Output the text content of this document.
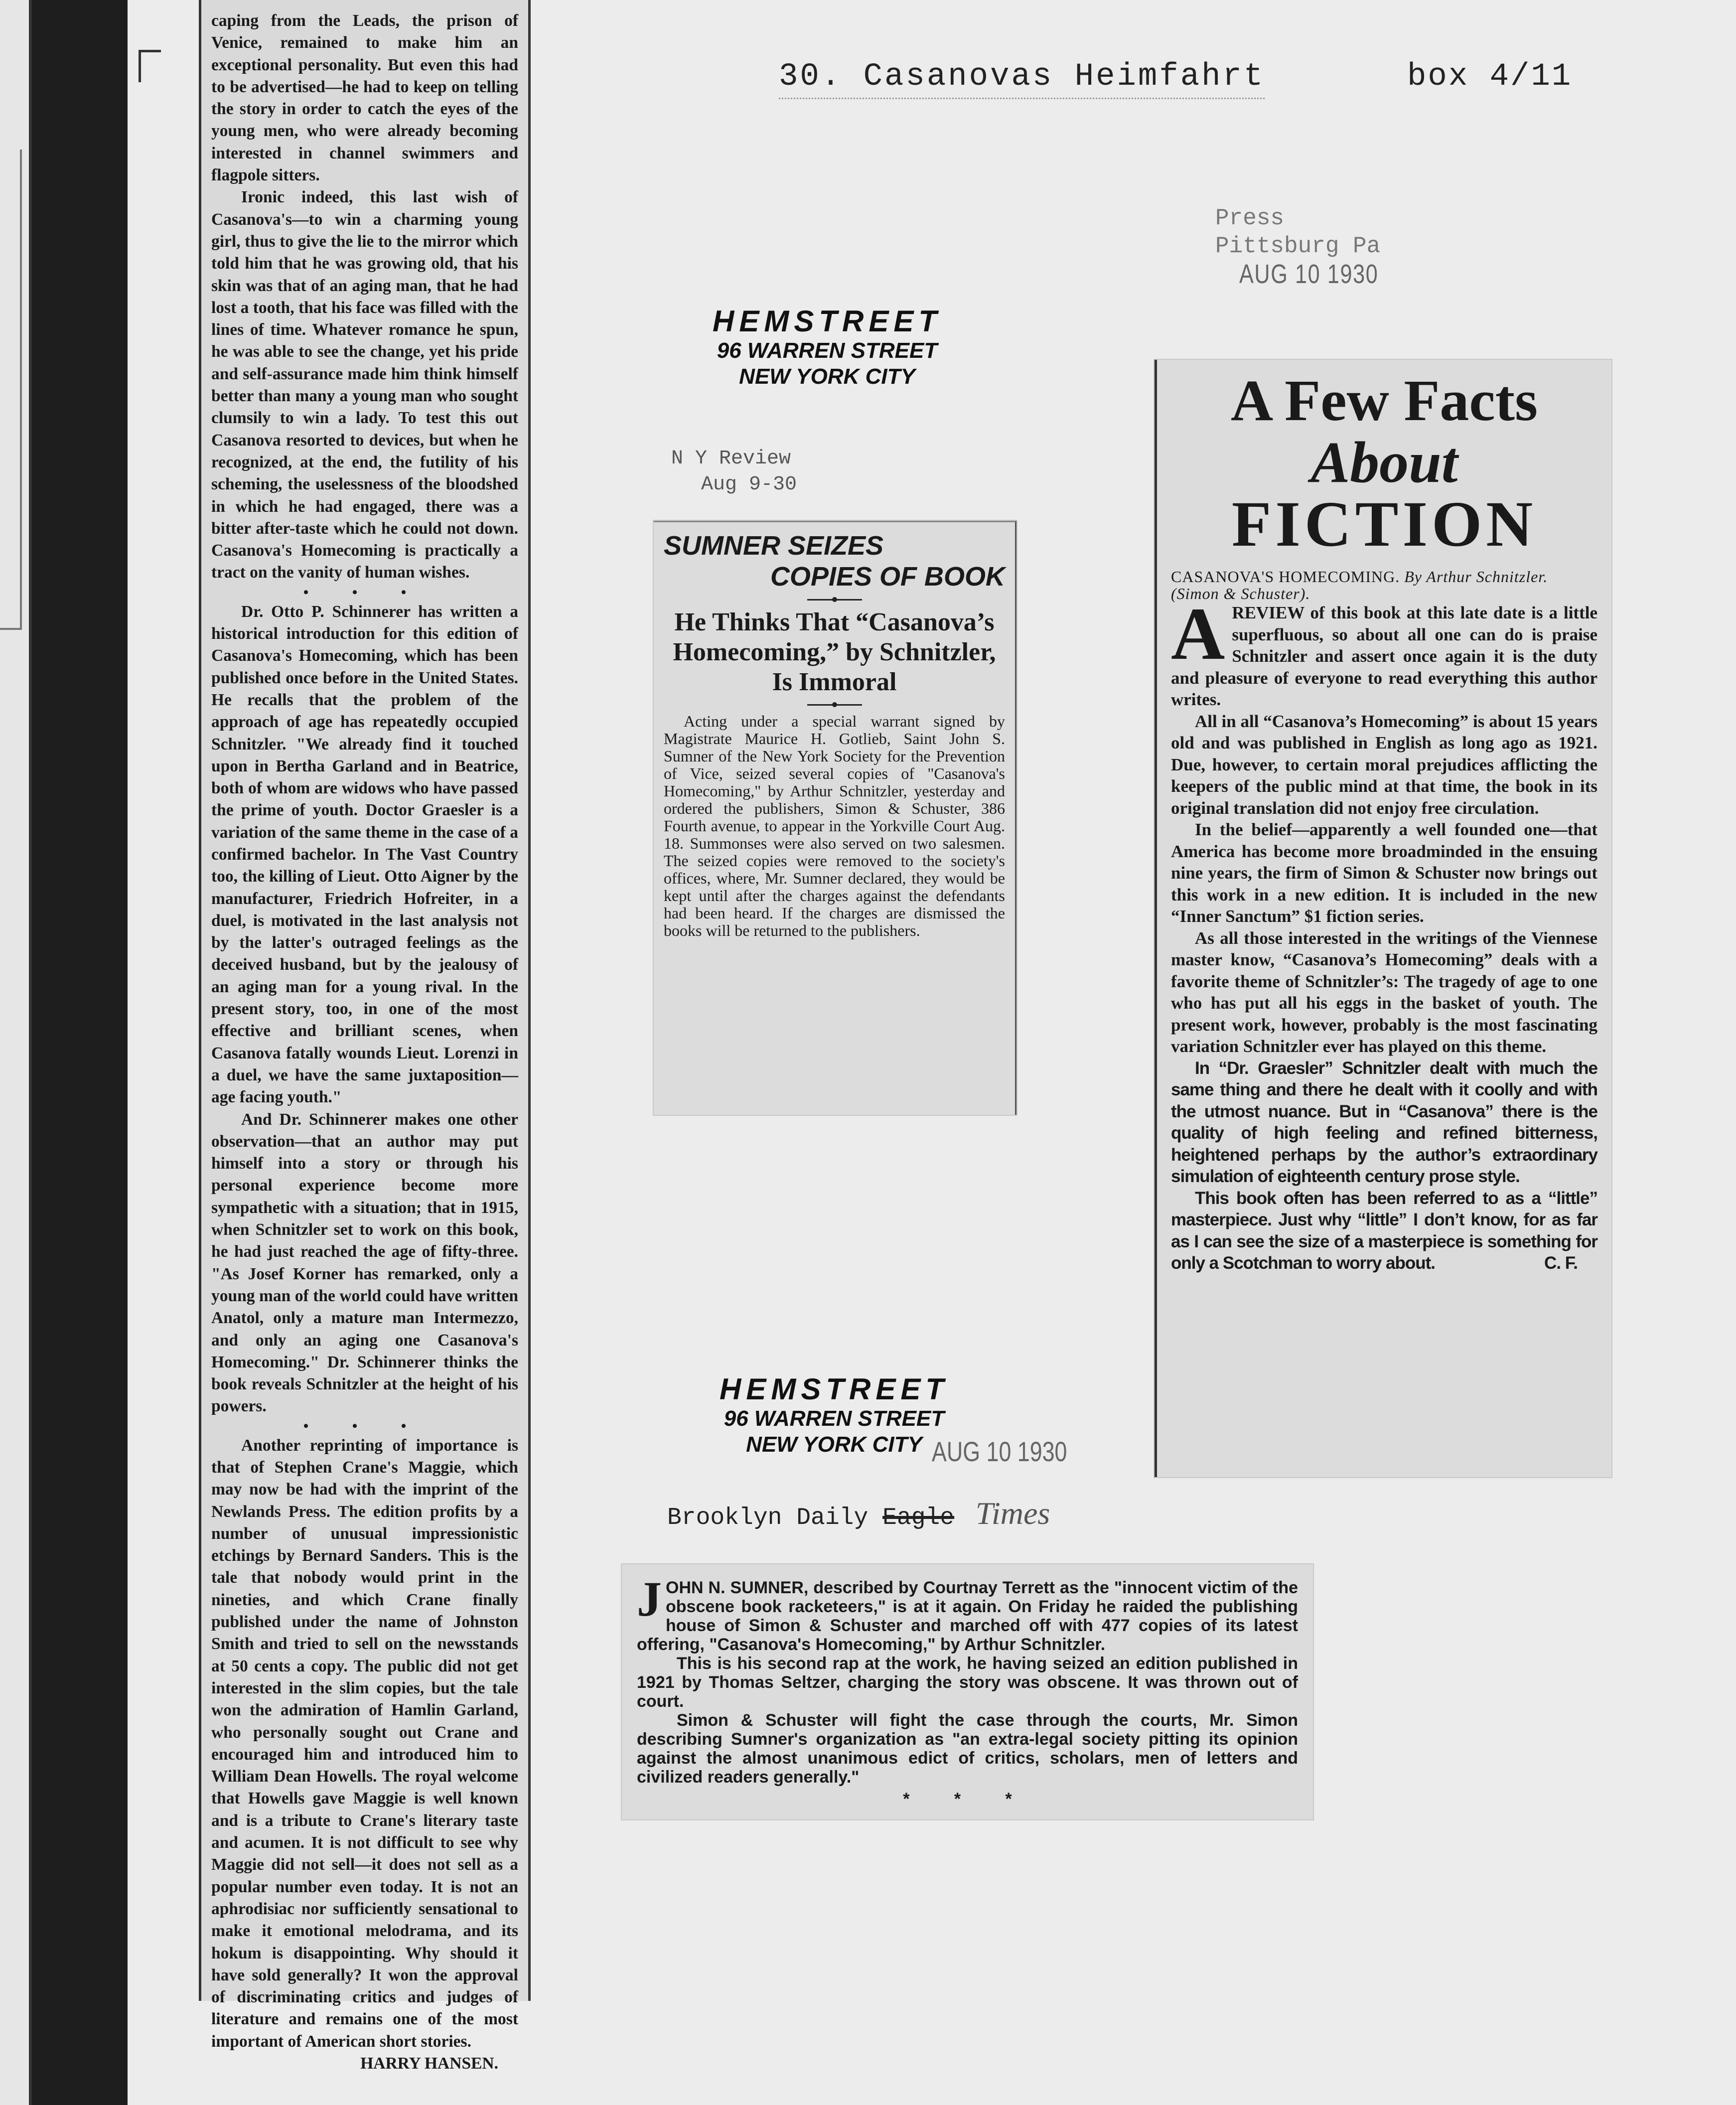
30. Casanovas Heimfahrt	box 4/11

caping from the Leads, the prison of Venice, remained to make him an exceptional personality. But even this had to be advertised—he had to keep on telling the story in order to catch the eyes of the young men, who were already becoming interested in channel swimmers and flagpole sitters.

Ironic indeed, this last wish of Casanova's—to win a charming young girl, thus to give the lie to the mirror which told him that he was growing old, that his skin was that of an aging man, that he had lost a tooth, that his face was filled with the lines of time. Whatever romance he spun, he was able to see the change, yet his pride and self-assurance made him think himself better than many a young man who sought clumsily to win a lady. To test this out Casanova resorted to devices, but when he recognized, at the end, the futility of his scheming, the uselessness of the bloodshed in which he had engaged, there was a bitter after-taste which he could not down. Casanova's Homecoming is practically a tract on the vanity of human wishes.

• • •

Dr. Otto P. Schinnerer has written a historical introduction for this edition of Casanova's Homecoming, which has been published once before in the United States. He recalls that the problem of the approach of age has repeatedly occupied Schnitzler. "We already find it touched upon in Bertha Garland and in Beatrice, both of whom are widows who have passed the prime of youth. Doctor Graesler is a variation of the same theme in the case of a confirmed bachelor. In The Vast Country too, the killing of Lieut. Otto Aigner by the manufacturer, Friedrich Hofreiter, in a duel, is motivated in the last analysis not by the latter's outraged feelings as the deceived husband, but by the jealousy of an aging man for a young rival. In the present story, too, in one of the most effective and brilliant scenes, when Casanova fatally wounds Lieut. Lorenzi in a duel, we have the same juxtaposition—age facing youth."

And Dr. Schinnerer makes one other observation—that an author may put himself into a story or through his personal experience become more sympathetic with a situation; that in 1915, when Schnitzler set to work on this book, he had just reached the age of fifty-three. "As Josef Korner has remarked, only a young man of the world could have written Anatol, only a mature man Intermezzo, and only an aging one Casanova's Homecoming." Dr. Schinnerer thinks the book reveals Schnitzler at the height of his powers.

• • •

Another reprinting of importance is that of Stephen Crane's Maggie, which may now be had with the imprint of the Newlands Press. The edition profits by a number of unusual impressionistic etchings by Bernard Sanders. This is the tale that nobody would print in the nineties, and which Crane finally published under the name of Johnston Smith and tried to sell on the newsstands at 50 cents a copy. The public did not get interested in the slim copies, but the tale won the admiration of Hamlin Garland, who personally sought out Crane and encouraged him and introduced him to William Dean Howells. The royal welcome that Howells gave Maggie is well known and is a tribute to Crane's literary taste and acumen. It is not difficult to see why Maggie did not sell—it does not sell as a popular number even today. It is not an aphrodisiac nor sufficiently sensational to make it emotional melodrama, and its hokum is disappointing. Why should it have sold generally? It won the approval of discriminating critics and judges of literature and remains one of the most important of American short stories.

HARRY HANSEN.
HEMSTREET
96 WARREN STREET
NEW YORK CITY
N Y Review
Aug 9-30
SUMNER SEIZES
COPIES OF BOOK
He Thinks That “Casanova’s Homecoming,” by Schnitzler, Is Immoral

Acting under a special warrant signed by Magistrate Maurice H. Gotlieb, Saint John S. Sumner of the New York Society for the Prevention of Vice, seized several copies of "Casanova's Homecoming," by Arthur Schnitzler, yesterday and ordered the publishers, Simon & Schuster, 386 Fourth avenue, to appear in the Yorkville Court Aug. 18. Summonses were also served on two salesmen. The seized copies were removed to the society's offices, where, Mr. Sumner declared, they would be kept until after the charges against the defendants had been heard. If the charges are dismissed the books will be returned to the publishers.

Press
Pittsburg Pa
AUG 10 1930
A Few Facts
About
FICTION
CASANOVA'S HOMECOMING. By Arthur Schnitzler. (Simon & Schuster).

AREVIEW of this book at this late date is a little superfluous, so about all one can do is praise Schnitzler and assert once again it is the duty and pleasure of everyone to read everything this author writes.

All in all “Casanova’s Homecoming” is about 15 years old and was published in English as long ago as 1921. Due, however, to certain moral prejudices afflicting the keepers of the public mind at that time, the book in its original translation did not enjoy free circulation.

In the belief—apparently a well founded one—that America has become more broadminded in the ensuing nine years, the firm of Simon & Schuster now brings out this work in a new edition. It is included in the new “Inner Sanctum” $1 fiction series.

As all those interested in the writings of the Viennese master know, “Casanova’s Homecoming” deals with a favorite theme of Schnitzler’s: The tragedy of age to one who has put all his eggs in the basket of youth. The present work, however, probably is the most fascinating variation Schnitzler ever has played on this theme.

In “Dr. Graesler” Schnitzler dealt with much the same thing and there he dealt with it coolly and with the utmost nuance. But in “Casanova” there is the quality of high feeling and refined bitterness, heightened perhaps by the author’s extraordinary simulation of eighteenth century prose style.

This book often has been referred to as a “little” masterpiece. Just why “little” I don’t know, for as far as I can see the size of a masterpiece is something for only a Scotchman to worry about.	C. F.

HEMSTREET
96 WARREN STREET
NEW YORK CITY AUG 10 1930
Brooklyn Daily Eagle Times

JOHN N. SUMNER, described by Courtnay Terrett as the "innocent victim of the obscene book racketeers," is at it again. On Friday he raided the publishing house of Simon & Schuster and marched off with 477 copies of its latest offering, "Casanova's Homecoming," by Arthur Schnitzler.

This is his second rap at the work, he having seized an edition published in 1921 by Thomas Seltzer, charging the story was obscene. It was thrown out of court.

Simon & Schuster will fight the case through the courts, Mr. Simon describing Sumner's organization as "an extra-legal society pitting its opinion against the almost unanimous edict of critics, scholars, men of letters and civilized readers generally."

* * *
